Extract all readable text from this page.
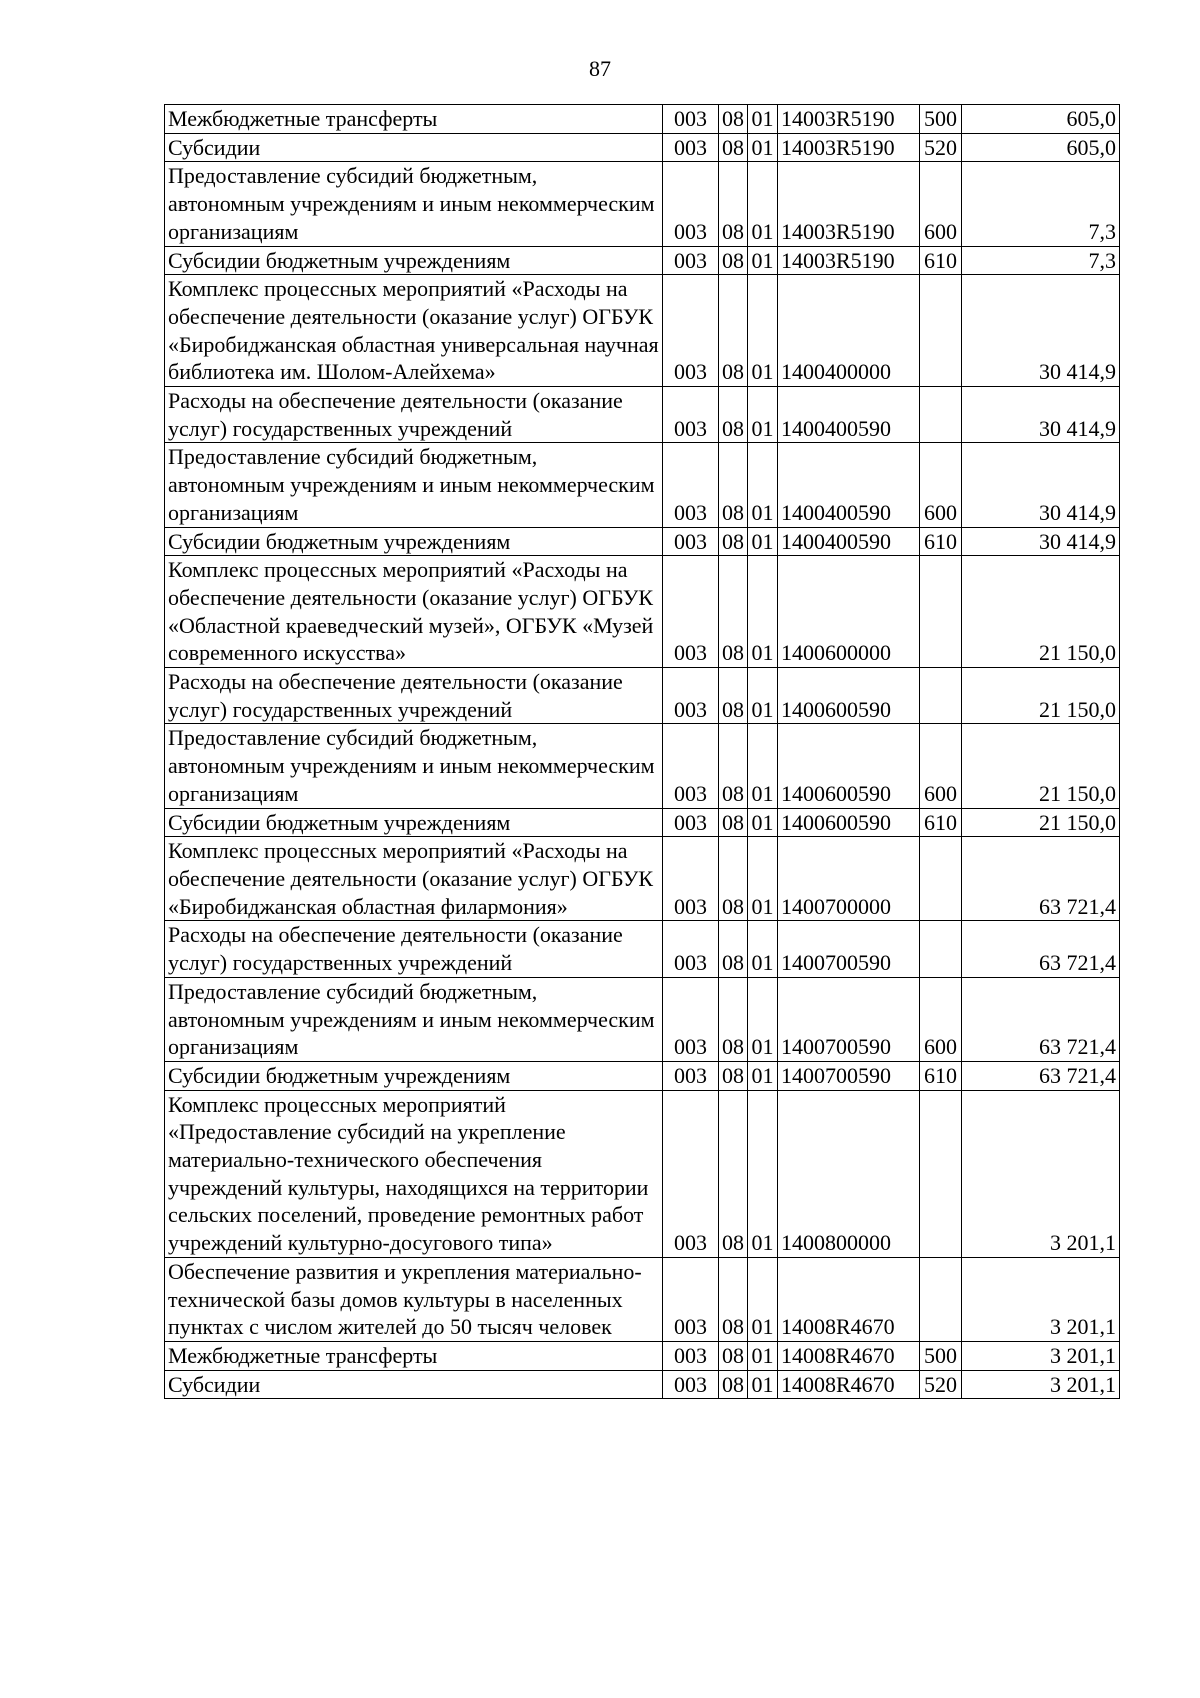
87
Межбюджетные трансферты	003	08	01	14003R5190	500	605,0
Субсидии	003	08	01	14003R5190	520	605,0
Предоставление субсидий бюджетным, автономным учреждениям и иным некоммерческим организациям	003	08	01	14003R5190	600	7,3
Субсидии бюджетным учреждениям	003	08	01	14003R5190	610	7,3
Комплекс процессных мероприятий «Расходы на обеспечение деятельности (оказание услуг) ОГБУК «Биробиджанская областная универсальная научная библиотека им. Шолом-Алейхема»	003	08	01	1400400000		30 414,9
Расходы на обеспечение деятельности (оказание услуг) государственных учреждений	003	08	01	1400400590		30 414,9
Предоставление субсидий бюджетным, автономным учреждениям и иным некоммерческим организациям	003	08	01	1400400590	600	30 414,9
Субсидии бюджетным учреждениям	003	08	01	1400400590	610	30 414,9
Комплекс процессных мероприятий «Расходы на обеспечение деятельности (оказание услуг) ОГБУК «Областной краеведческий музей», ОГБУК «Музей современного искусства»	003	08	01	1400600000		21 150,0
Расходы на обеспечение деятельности (оказание услуг) государственных учреждений	003	08	01	1400600590		21 150,0
Предоставление субсидий бюджетным, автономным учреждениям и иным некоммерческим организациям	003	08	01	1400600590	600	21 150,0
Субсидии бюджетным учреждениям	003	08	01	1400600590	610	21 150,0
Комплекс процессных мероприятий «Расходы на обеспечение деятельности (оказание услуг) ОГБУК «Биробиджанская областная филармония»	003	08	01	1400700000		63 721,4
Расходы на обеспечение деятельности (оказание услуг) государственных учреждений	003	08	01	1400700590		63 721,4
Предоставление субсидий бюджетным, автономным учреждениям и иным некоммерческим организациям	003	08	01	1400700590	600	63 721,4
Субсидии бюджетным учреждениям	003	08	01	1400700590	610	63 721,4
Комплекс процессных мероприятий «Предоставление субсидий на укрепление материально-технического обеспечения учреждений культуры, находящихся на территории сельских поселений, проведение ремонтных работ учреждений культурно-досугового типа»	003	08	01	1400800000		3 201,1
Обеспечение развития и укрепления материально-технической базы домов культуры в населенных пунктах с числом жителей до 50 тысяч человек	003	08	01	14008R4670		3 201,1
Межбюджетные трансферты	003	08	01	14008R4670	500	3 201,1
Субсидии	003	08	01	14008R4670	520	3 201,1
